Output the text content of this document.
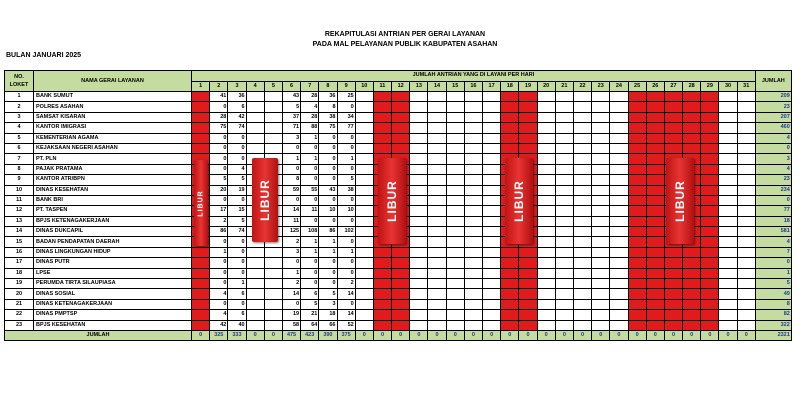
REKAPITULASI ANTRIAN PER GERAI LAYANAN
PADA MAL PELAYANAN PUBLIK KABUPATEN ASAHAN
BULAN JANUARI 2025
NO. LOKET	NAMA GERAI LAYANAN	JUMLAH ANTRIAN YANG DI LAYANI PER HARI																															JUMLAH
		1	2	3	4	5	6	7	8	9	10	11	12	13	14	15	16	17	18	19	20	21	22	23	24	25	26	27	28	29	30	31	
1	BANK SUMUT		41	36			43	28	36	25																							209
2	POLRES ASAHAN		0	6			5	4	8	0																							23
3	SAMSAT KISARAN		28	42			37	28	38	34																							207
4	KANTOR IMIGRASI		75	74			71	88	75	77																							460
5	KEMENTERIAN AGAMA		0	0			3	1	0	0																							4
6	KEJAKSAAN NEGERI ASAHAN		0	0			0	0	0	0																							0
7	PT. PLN		0	0			1	1	0	1																							3
8	PAJAK PRATAMA		0	4			0	0	0	0																							4
9	KANTOR ATR/BPN		5	5			8	0	0	5																							23
10	DINAS KESEHATAN		20	19			59	55	43	38																							234
11	BANK BRI		0	0			0	0	0	0																							0
12	PT. TASPEN		17	15			14	11	10	10																							77
13	BPJS KETENAGAKERJAAN		2	5			11	0	0	0																							18
14	DINAS DUKCAPIL		86	74			125	108	86	102																							581
15	BADAN PENDAPATAN DAERAH		0	0			2	1	1	0																							4
16	DINAS LINGKUNGAN HIDUP		1	0			3	1	1	1																							7
17	DINAS PUTR		0	0			0	0	0	0																							0
18	LPSE		0	0			1	0	0	0																							1
19	PERUMDA TIRTA SILAUPIASA		0	1			2	0	0	2																							5
20	DINAS SOSIAL		4	6			14	6	5	14																							49
21	DINAS KETENAGAKERJAAN		0	0			0	5	3	0																							8
22	DINAS PMPTSP		4	6			19	21	18	14																							82
23	BPJS KESEHATAN		42	40			58	64	66	52																							322
JUMLAH		0	325	333	0	0	475	423	390	375	0	0	0	0	0	0	0	0	0	0	0	0	0	0	0	0	0	0	0	0	0	0	2321
LIBUR	LIBUR	LIBUR	LIBUR	LIBUR
